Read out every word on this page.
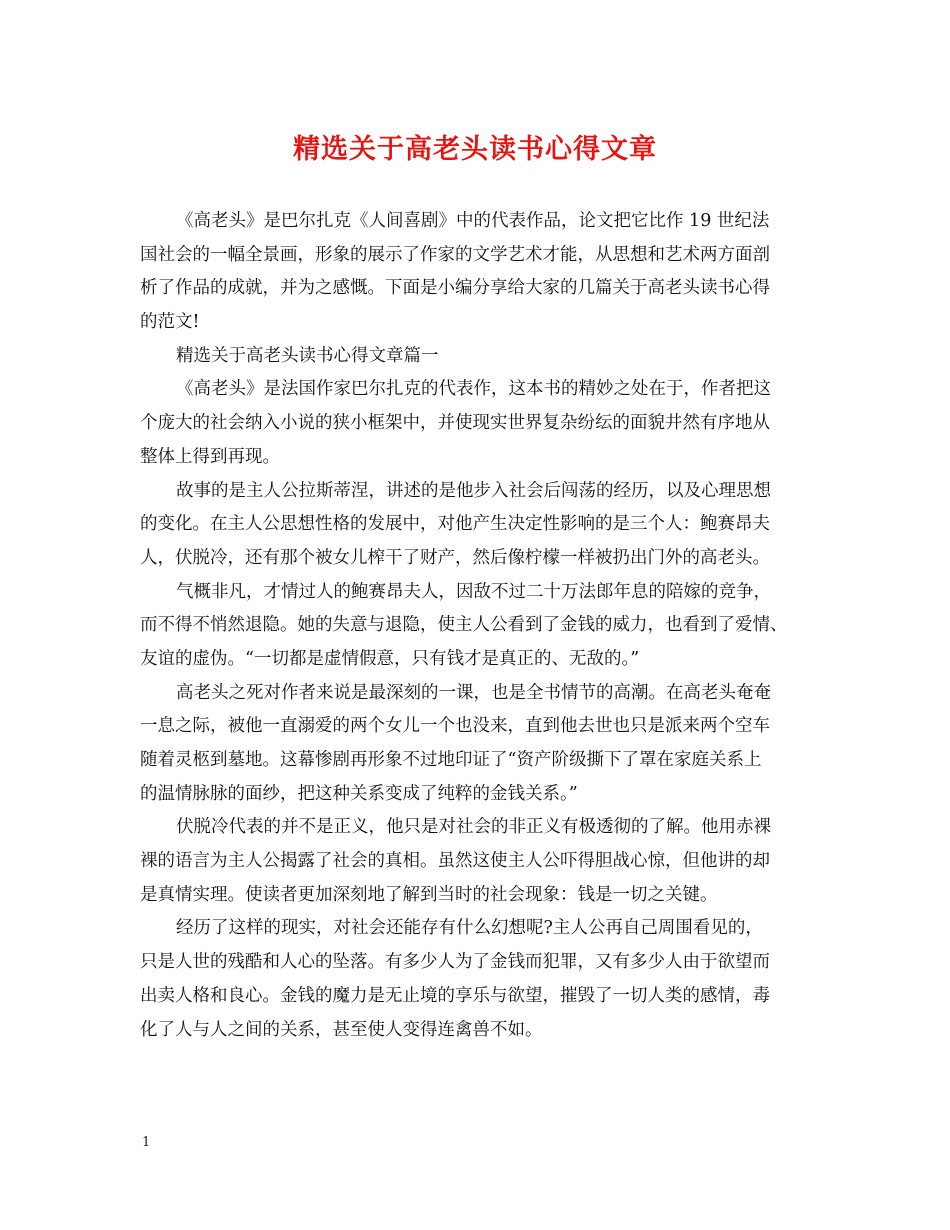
精选关于高老头读书心得文章
《高老头》是巴尔扎克《人间喜剧》中的代表作品，论文把它比作 19 世纪法
国社会的一幅全景画，形象的展示了作家的文学艺术才能，从思想和艺术两方面剖
析了作品的成就，并为之感慨。下面是小编分享给大家的几篇关于高老头读书心得
的范文!
精选关于高老头读书心得文章篇一
《高老头》是法国作家巴尔扎克的代表作，这本书的精妙之处在于，作者把这
个庞大的社会纳入小说的狭小框架中，并使现实世界复杂纷纭的面貌井然有序地从
整体上得到再现。
故事的是主人公拉斯蒂涅，讲述的是他步入社会后闯荡的经历，以及心理思想
的变化。在主人公思想性格的发展中，对他产生决定性影响的是三个人：鲍赛昂夫
人，伏脱冷，还有那个被女儿榨干了财产，然后像柠檬一样被扔出门外的高老头。
气概非凡，才情过人的鲍赛昂夫人，因敌不过二十万法郎年息的陪嫁的竞争，
而不得不悄然退隐。她的失意与退隐，使主人公看到了金钱的威力，也看到了爱情、
友谊的虚伪。“一切都是虚情假意，只有钱才是真正的、无敌的。”
高老头之死对作者来说是最深刻的一课，也是全书情节的高潮。在高老头奄奄
一息之际，被他一直溺爱的两个女儿一个也没来，直到他去世也只是派来两个空车
随着灵柩到墓地。这幕惨剧再形象不过地印证了“资产阶级撕下了罩在家庭关系上
的温情脉脉的面纱，把这种关系变成了纯粹的金钱关系。”
伏脱冷代表的并不是正义，他只是对社会的非正义有极透彻的了解。他用赤裸
裸的语言为主人公揭露了社会的真相。虽然这使主人公吓得胆战心惊，但他讲的却
是真情实理。使读者更加深刻地了解到当时的社会现象：钱是一切之关键。
经历了这样的现实，对社会还能存有什么幻想呢?主人公再自己周围看见的，
只是人世的残酷和人心的坠落。有多少人为了金钱而犯罪，又有多少人由于欲望而
出卖人格和良心。金钱的魔力是无止境的享乐与欲望，摧毁了一切人类的感情，毒
化了人与人之间的关系，甚至使人变得连禽兽不如。
1
